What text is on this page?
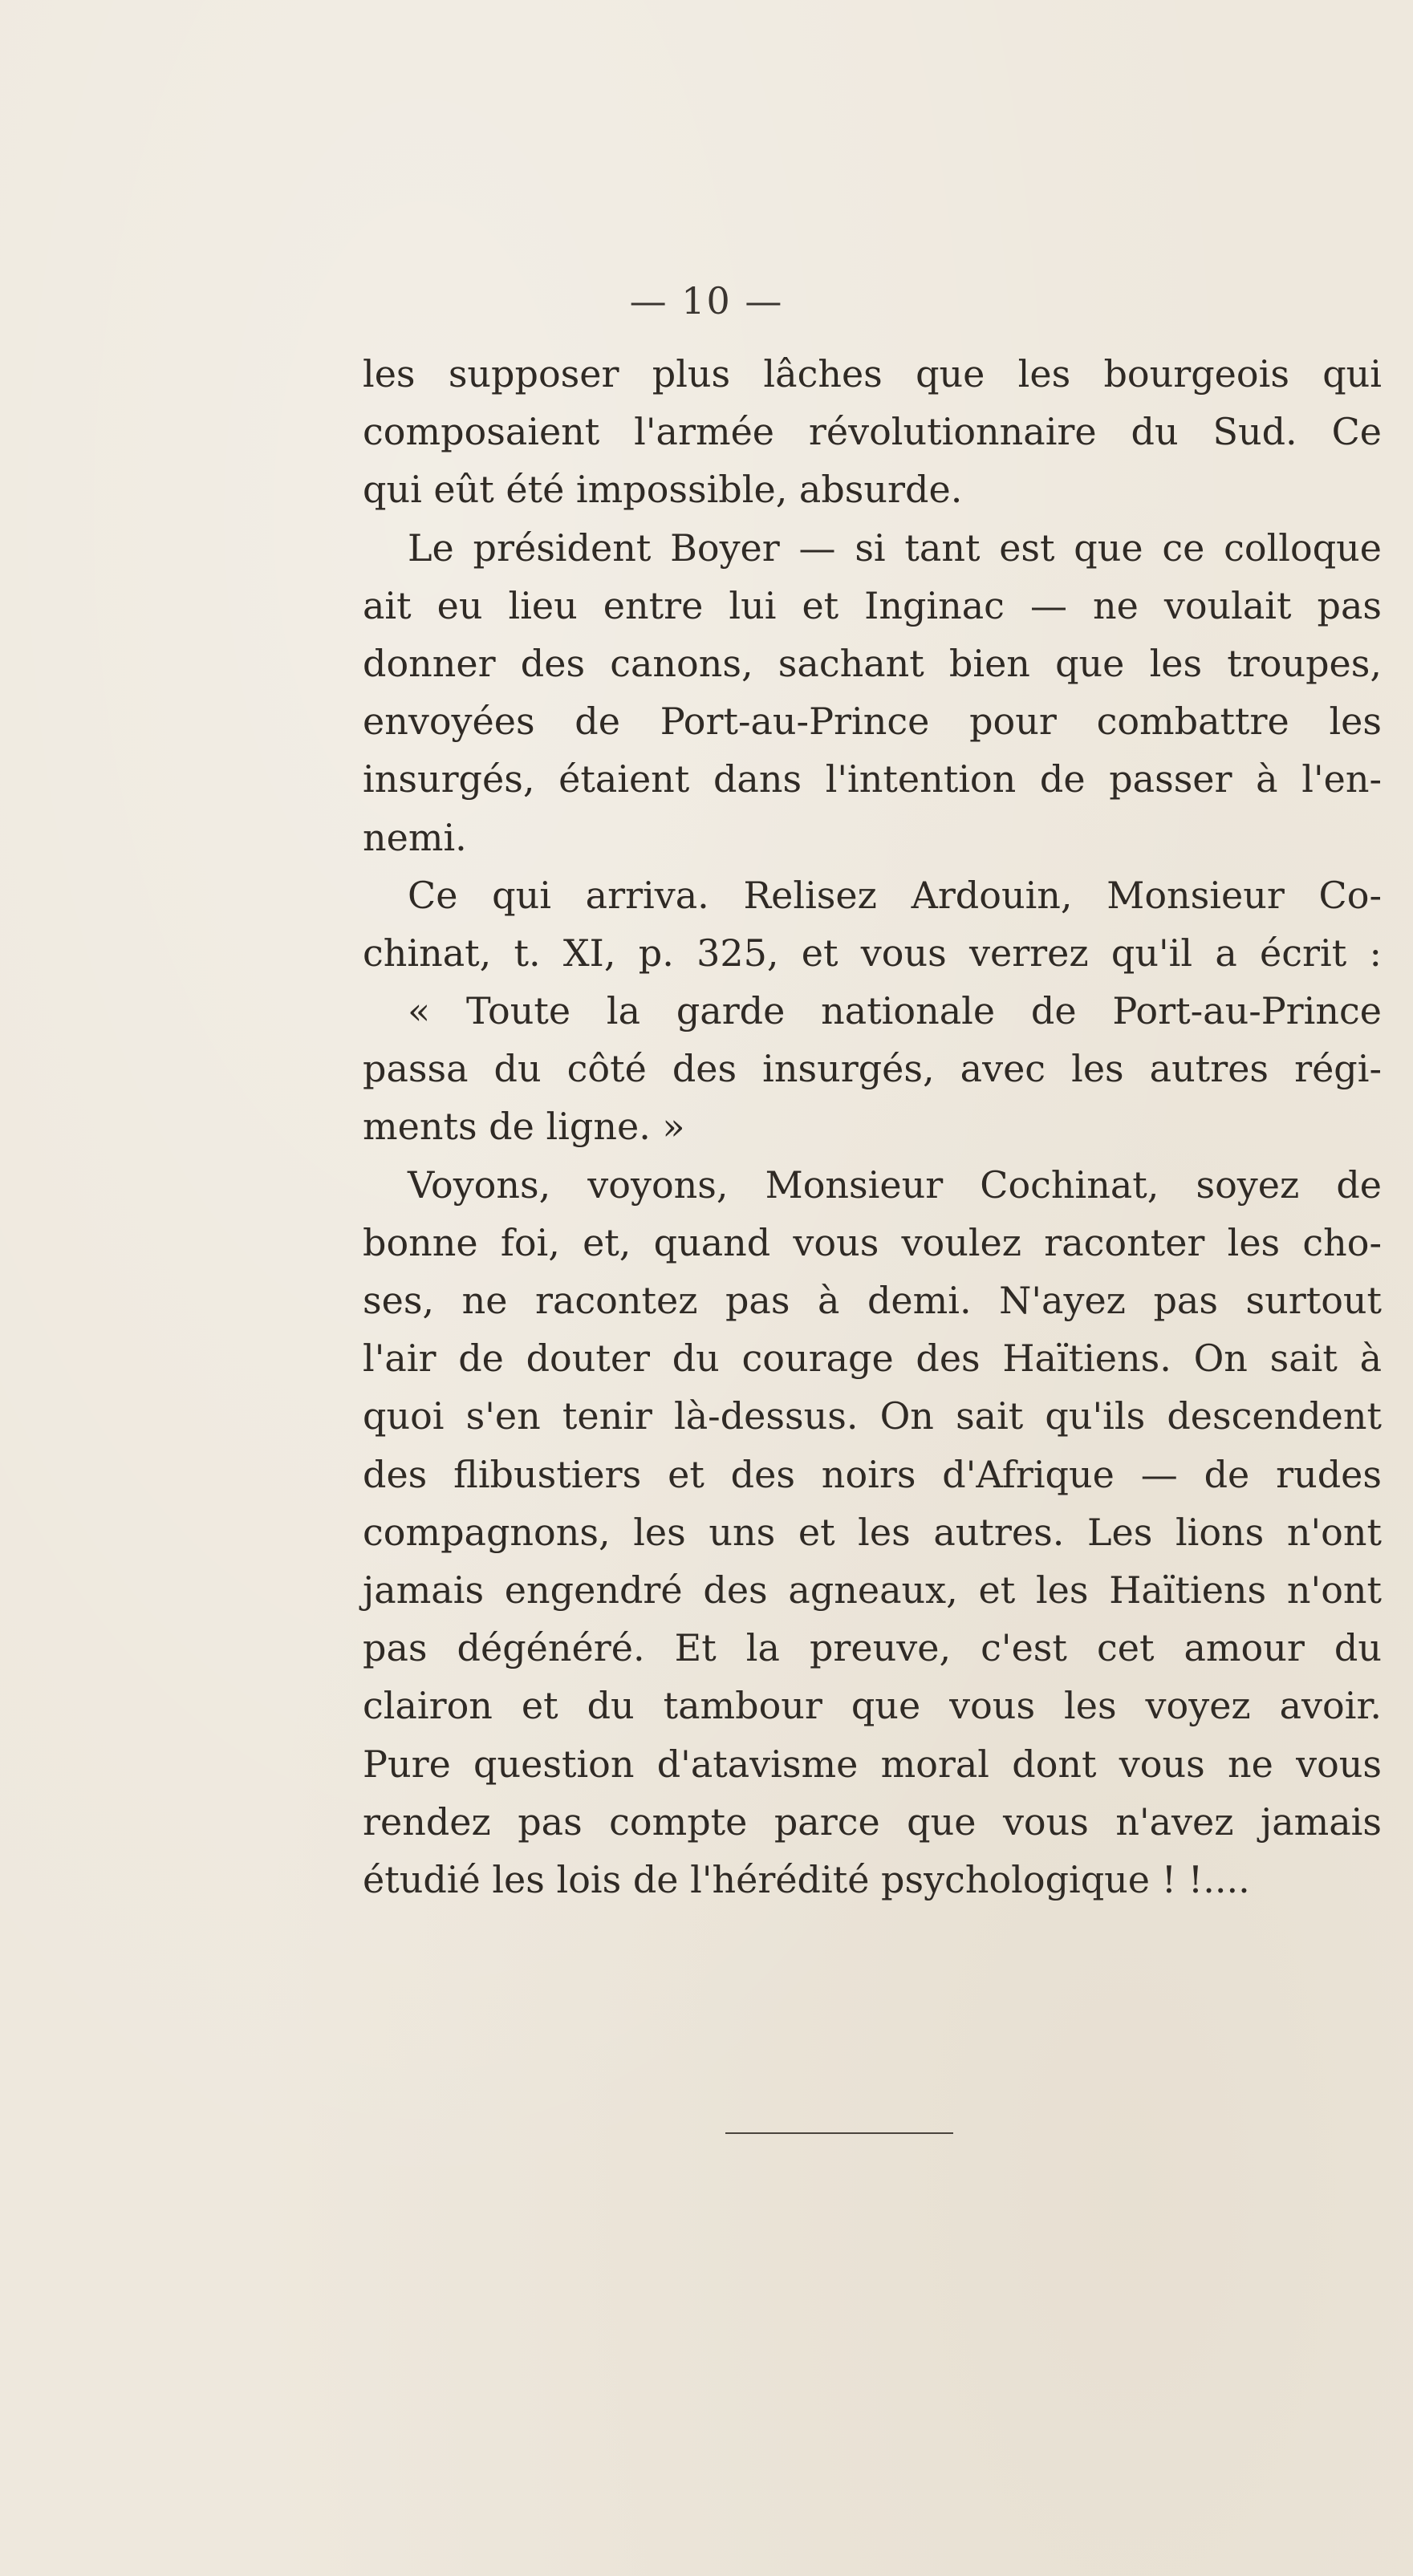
— 10 —
les supposer plus lâches que les bourgeois qui
composaient l'armée révolutionnaire du Sud. Ce
qui eût été impossible, absurde.
Le président Boyer — si tant est que ce colloque
ait eu lieu entre lui et Inginac — ne voulait pas
donner des canons, sachant bien que les troupes,
envoyées de Port-au-Prince pour combattre les
insurgés, étaient dans l'intention de passer à l'en-
nemi.
Ce qui arriva. Relisez Ardouin, Monsieur Co-
chinat, t. XI, p. 325, et vous verrez qu'il a écrit :
« Toute la garde nationale de Port-au-Prince
passa du côté des insurgés, avec les autres régi-
ments de ligne. »
Voyons, voyons, Monsieur Cochinat, soyez de
bonne foi, et, quand vous voulez raconter les cho-
ses, ne racontez pas à demi. N'ayez pas surtout
l'air de douter du courage des Haïtiens. On sait à
quoi s'en tenir là-dessus. On sait qu'ils descendent
des flibustiers et des noirs d'Afrique — de rudes
compagnons, les uns et les autres. Les lions n'ont
jamais engendré des agneaux, et les Haïtiens n'ont
pas dégénéré. Et la preuve, c'est cet amour du
clairon et du tambour que vous les voyez avoir.
Pure question d'atavisme moral dont vous ne vous
rendez pas compte parce que vous n'avez jamais
étudié les lois de l'hérédité psychologique ! !....
